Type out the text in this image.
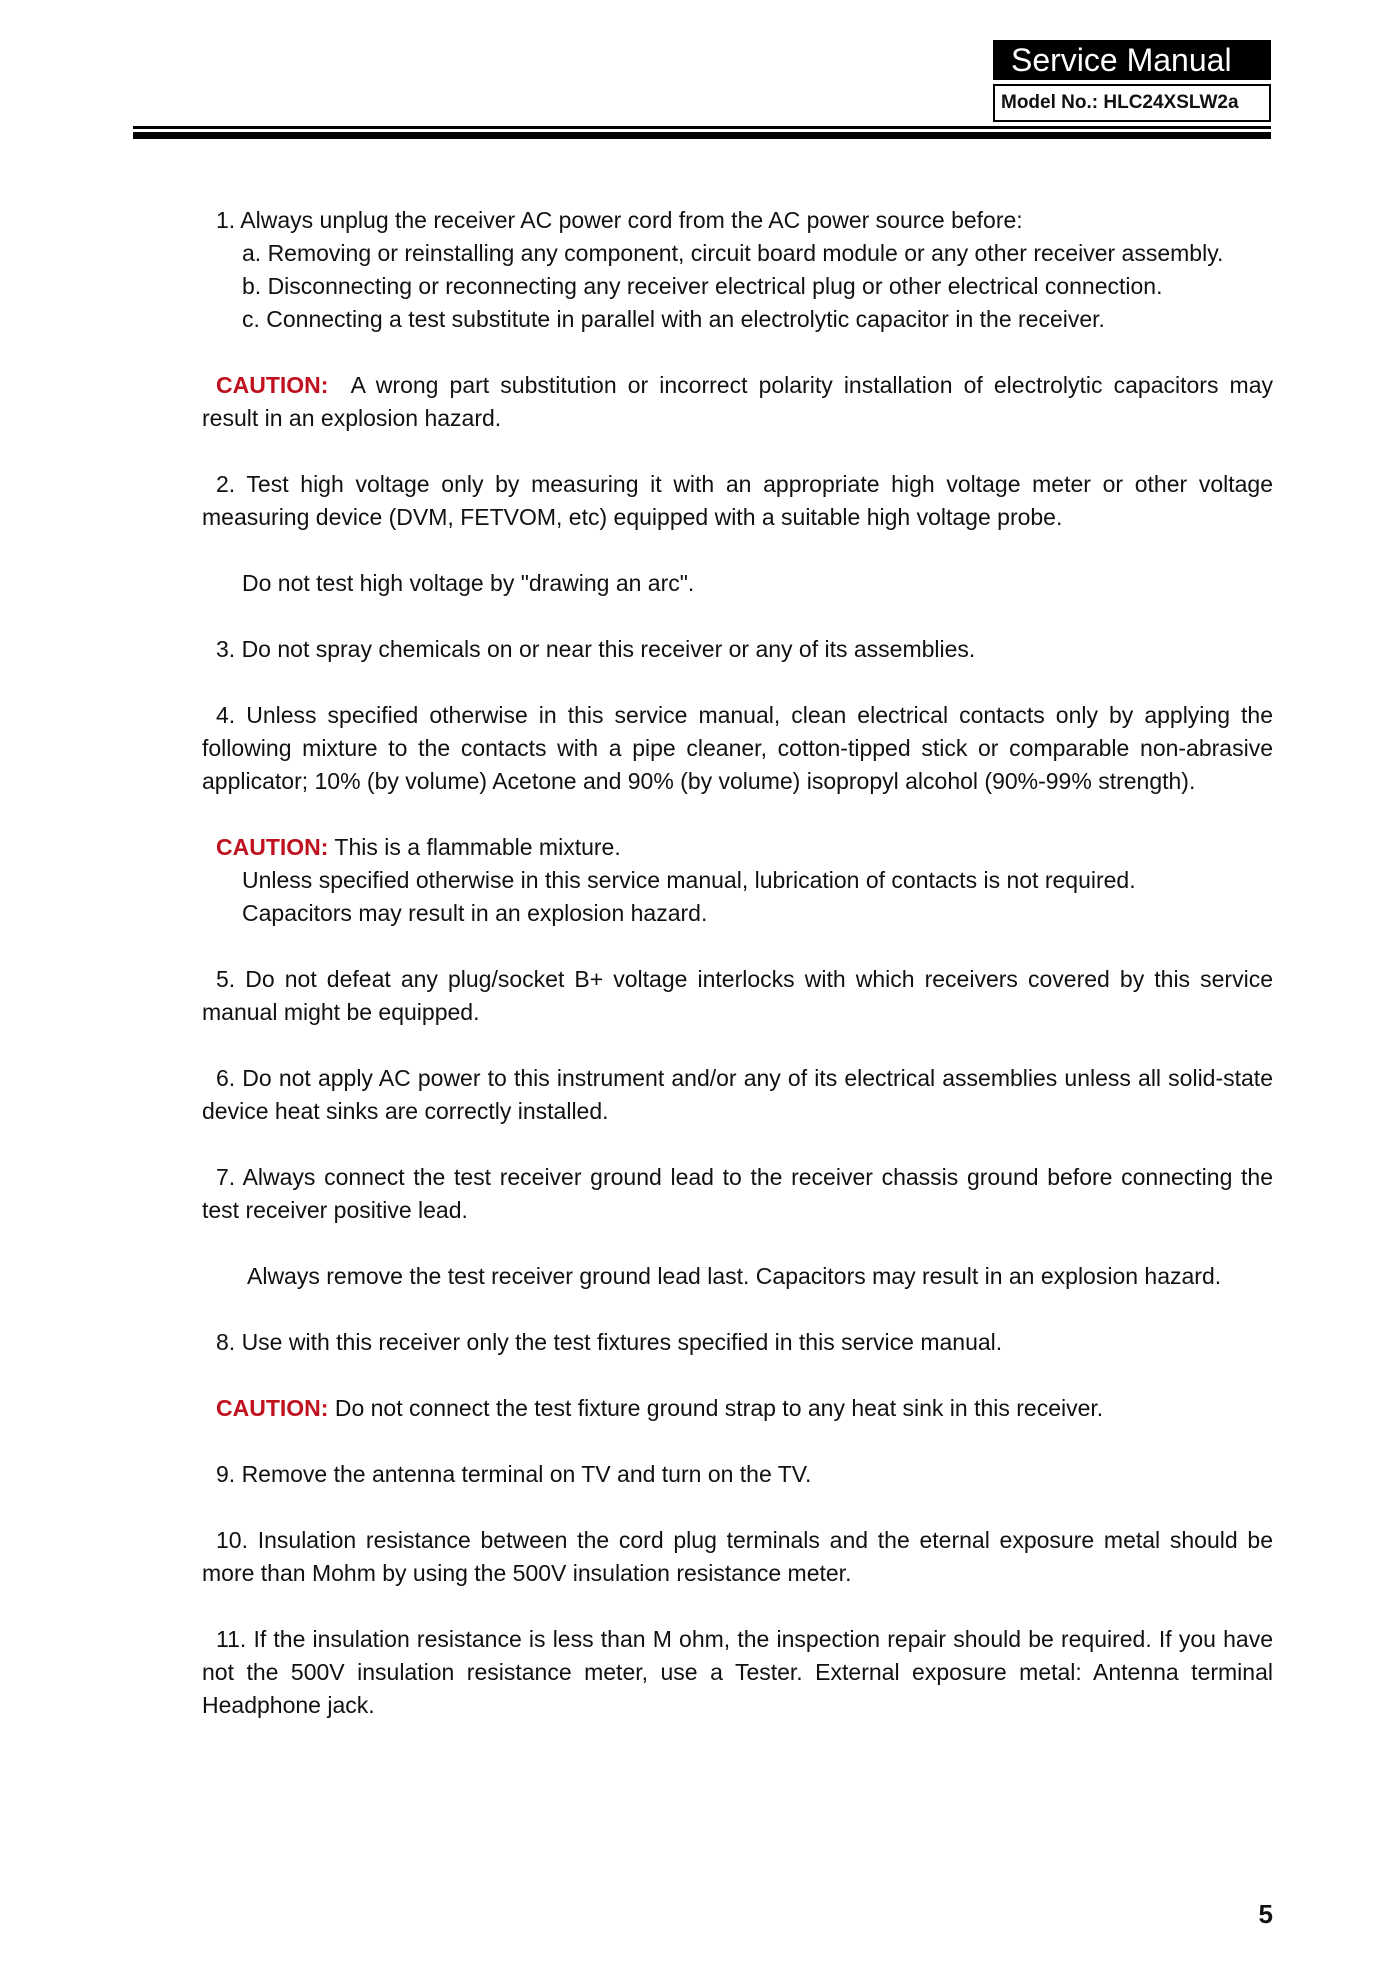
Service Manual
Model No.: HLC24XSLW2a

1. Always unplug the receiver AC power cord from the AC power source before:

a. Removing or reinstalling any component, circuit board module or any other receiver assembly.

b. Disconnecting or reconnecting any receiver electrical plug or other electrical connection.

c. Connecting a test substitute in parallel with an electrolytic capacitor in the receiver.

CAUTION: A wrong part substitution or incorrect polarity installation of electrolytic capacitors may result in an explosion hazard.

2. Test high voltage only by measuring it with an appropriate high voltage meter or other voltage measuring device (DVM, FETVOM, etc) equipped with a suitable high voltage probe.

Do not test high voltage by "drawing an arc".

3. Do not spray chemicals on or near this receiver or any of its assemblies.

4. Unless specified otherwise in this service manual, clean electrical contacts only by applying the following mixture to the contacts with a pipe cleaner, cotton-tipped stick or comparable non-abrasive applicator; 10% (by volume) Acetone and 90% (by volume) isopropyl alcohol (90%-99% strength).

CAUTION: This is a flammable mixture.

Unless specified otherwise in this service manual, lubrication of contacts is not required.

Capacitors may result in an explosion hazard.

5. Do not defeat any plug/socket B+ voltage interlocks with which receivers covered by this service manual might be equipped.

6. Do not apply AC power to this instrument and/or any of its electrical assemblies unless all solid-state device heat sinks are correctly installed.

7. Always connect the test receiver ground lead to the receiver chassis ground before connecting the test receiver positive lead.

Always remove the test receiver ground lead last. Capacitors may result in an explosion hazard.

8. Use with this receiver only the test fixtures specified in this service manual.

CAUTION: Do not connect the test fixture ground strap to any heat sink in this receiver.

9. Remove the antenna terminal on TV and turn on the TV.

10. Insulation resistance between the cord plug terminals and the eternal exposure metal should be more than Mohm by using the 500V insulation resistance meter.

11. If the insulation resistance is less than M ohm, the inspection repair should be required. If you have not the 500V insulation resistance meter, use a Tester. External exposure metal: Antenna terminal Headphone jack.

5
